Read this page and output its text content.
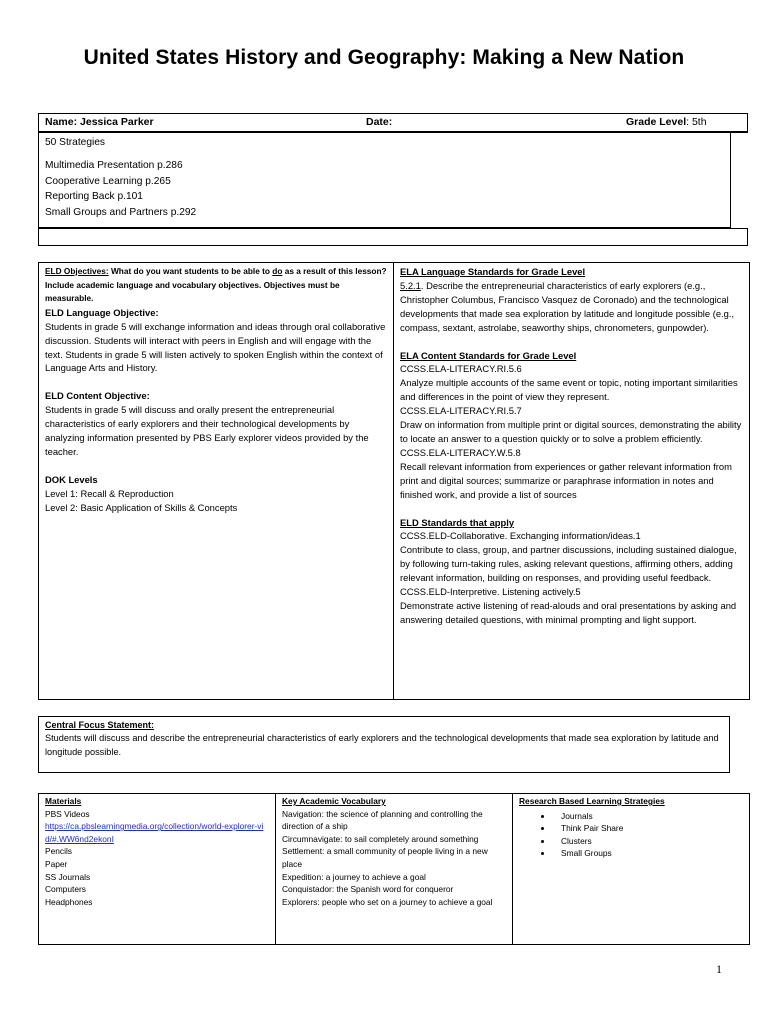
United States History and Geography: Making a New Nation
Name: Jessica Parker	Date:	Grade Level: 5th
50 Strategies
Multimedia Presentation p.286
Cooperative Learning p.265
Reporting Back p.101
Small Groups and Partners p.292
ELD Objectives: What do you want students to be able to do as a result of this lesson? Include academic language and vocabulary objectives. Objectives must be measurable.
ELD Language Objective:
Students in grade 5 will exchange information and ideas through oral collaborative discussion. Students will interact with peers in English and will engage with the text. Students in grade 5 will listen actively to spoken English within the context of Language Arts and History.
ELD Content Objective:
Students in grade 5 will discuss and orally present the entrepreneurial characteristics of early explorers and their technological developments by analyzing information presented by PBS Early explorer videos provided by the teacher.
DOK Levels
Level 1: Recall & Reproduction
Level 2: Basic Application of Skills & Concepts
ELA Language Standards for Grade Level
5.2.1. Describe the entrepreneurial characteristics of early explorers (e.g., Christopher Columbus, Francisco Vasquez de Coronado) and the technological developments that made sea exploration by latitude and longitude possible (e.g., compass, sextant, astrolabe, seaworthy ships, chronometers, gunpowder).
ELA Content Standards for Grade Level
CCSS.ELA-LITERACY.RI.5.6
Analyze multiple accounts of the same event or topic, noting important similarities and differences in the point of view they represent.
CCSS.ELA-LITERACY.RI.5.7
Draw on information from multiple print or digital sources, demonstrating the ability to locate an answer to a question quickly or to solve a problem efficiently.
CCSS.ELA-LITERACY.W.5.8
Recall relevant information from experiences or gather relevant information from print and digital sources; summarize or paraphrase information in notes and finished work, and provide a list of sources
ELD Standards that apply
CCSS.ELD-Collaborative. Exchanging information/ideas.1
Contribute to class, group, and partner discussions, including sustained dialogue, by following turn-taking rules, asking relevant questions, affirming others, adding relevant information, building on responses, and providing useful feedback.
CCSS.ELD-Interpretive. Listening actively.5
Demonstrate active listening of read-alouds and oral presentations by asking and answering detailed questions, with minimal prompting and light support.
Central Focus Statement:
Students will discuss and describe the entrepreneurial characteristics of early explorers and the technological developments that made sea exploration by latitude and longitude possible.
Materials
PBS Videos
https://ca.pbslearningmedia.org/collection/world-explorer-vid/#.WW6nd2ekonI
Pencils
Paper
SS Journals
Computers
Headphones
Key Academic Vocabulary
Navigation: the science of planning and controlling the direction of a ship
Circumnavigate: to sail completely around something
Settlement: a small community of people living in a new place
Expedition: a journey to achieve a goal
Conquistador: the Spanish word for conqueror
Explorers: people who set on a journey to achieve a goal
Research Based Learning Strategies
• Journals
• Think Pair Share
• Clusters
• Small Groups
1
